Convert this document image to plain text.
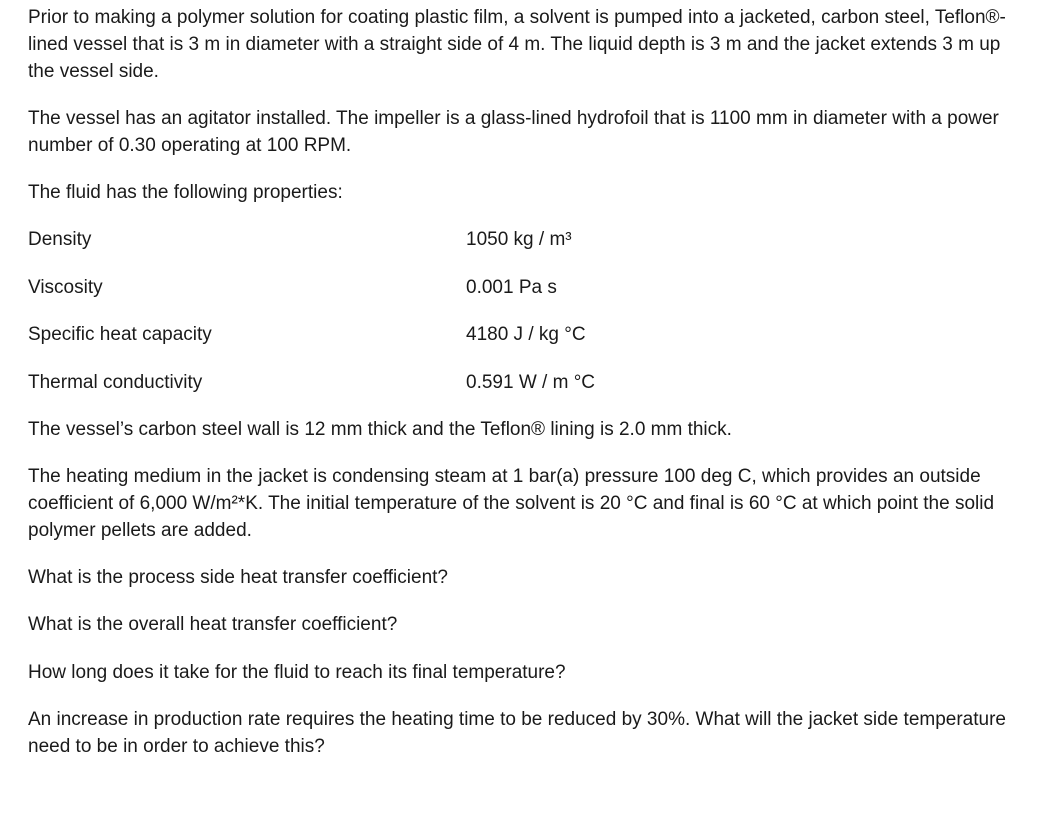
Prior to making a polymer solution for coating plastic film, a solvent is pumped into a jacketed, carbon steel, Teflon®-lined vessel that is 3 m in diameter with a straight side of 4 m. The liquid depth is 3 m and the jacket extends 3 m up the vessel side.

The vessel has an agitator installed. The impeller is a glass-lined hydrofoil that is 1100 mm in diameter with a power number of 0.30 operating at 100 RPM.

The fluid has the following properties:

Density	1050 kg / m³
Viscosity	0.001 Pa s
Specific heat capacity	4180 J / kg °C
Thermal conductivity	0.591 W / m °C

The vessel’s carbon steel wall is 12 mm thick and the Teflon® lining is 2.0 mm thick.

The heating medium in the jacket is condensing steam at 1 bar(a) pressure 100 deg C, which provides an outside coefficient of 6,000 W/m²*K. The initial temperature of the solvent is 20 °C and final is 60 °C at which point the solid polymer pellets are added.

What is the process side heat transfer coefficient?

What is the overall heat transfer coefficient?

How long does it take for the fluid to reach its final temperature?

An increase in production rate requires the heating time to be reduced by 30%. What will the jacket side temperature need to be in order to achieve this?
